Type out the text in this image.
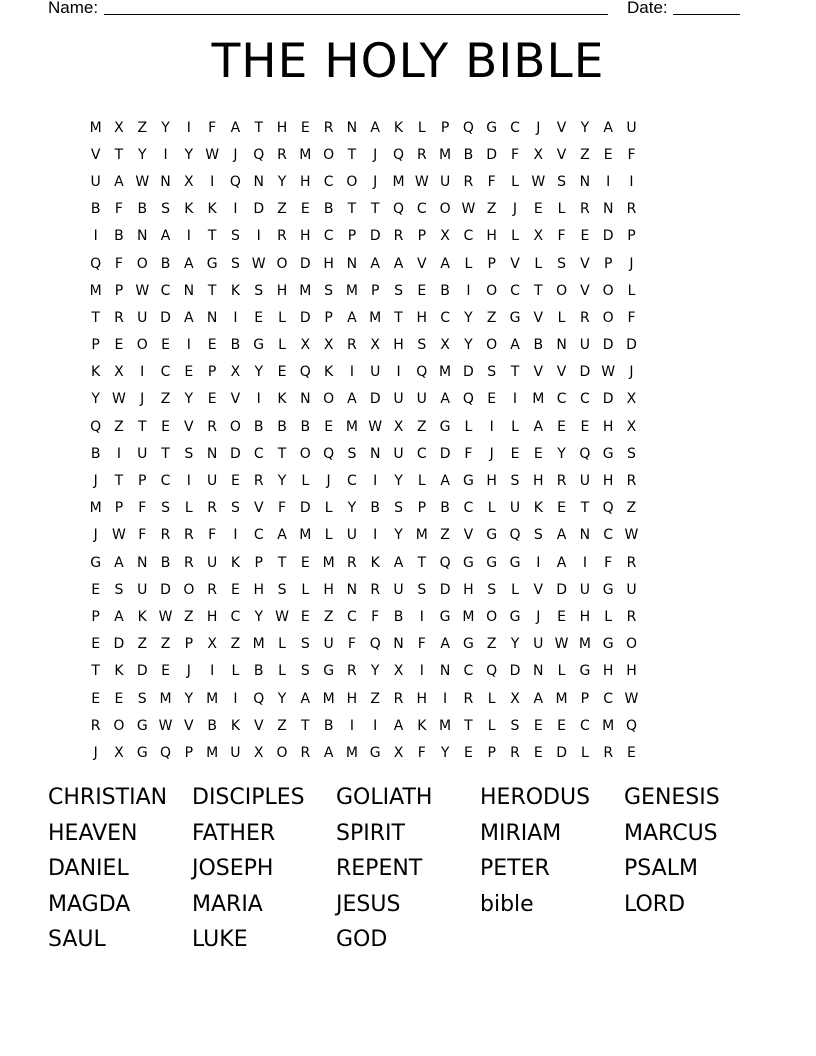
Name:	Date:
THE HOLY BIBLE
M X Z	Y	I	F	A	T H E	R N A K	L	P Q G C	J	V	Y	A U
V	T	Y	I	Y W	J	Q R M O T	J	Q R M B D F	X V Z	E	F
U A W N X	I	Q N Y H C O	J	M W U R	F	L W S N	I	I
B	F	B	S	K	K	I	D Z	E	B	T	T Q C O W Z	J	E	L	R N R
I	B N A	I	T	S	I	R H C	P D R	P	X C H	L	X	F	E D P
Q F O B A G S W O D H N A A V A	L	P	V	L	S	V	P	J
M P W C N T	K	S H M S M P	S	E	B	I	O C	T O V O L
T	R U D A N	I	E	L	D P	A M T H C	Y	Z G V	L	R O F
P	E O E	I	E	B G L	X X R X H S	X	Y O A B N U D D
K X	I	C E	P	X	Y	E Q K	I	U	I	Q M D S	T	V V D W	J
Y W	J	Z	Y	E	V	I	K N O A D U U A Q E	I	M C C D X
Q Z	T	E	V R O B B B	E M W X Z G L	I	L	A	E	E H X
B	I	U T	S N D C	T O Q S N U C D F	J	E	E	Y Q G S
J	T	P	C	I	U E	R	Y	L	J	C	I	Y	L	A G H S H R U H R
M P	F	S	L	R S	V	F D	L	Y	B	S	P	B C	L	U K	E	T Q Z
J	W F	R R	F	I	C A M L	U	I	Y M Z V G Q S	A N C W
G A N B R U K	P	T	E M R K A	T Q G G G	I	A	I	F	R
E	S U D O R	E H S	L	H N R U S D H S	L	V D U G U
P	A K W Z H C	Y W E	Z C	F	B	I	G M O G	J	E H	L	R
E D Z Z	P	X Z M L	S U	F Q N	F	A G Z	Y U W M G O
T	K D E	J	I	L	B	L	S G R	Y	X	I	N C Q D N	L G H H
E	E	S M Y M	I	Q Y	A M H Z R H	I	R	L	X A M P	C W
R O G W V B K V Z	T	B	I	I	A K M T	L	S	E	E C M Q
J	X G Q P M U X O R A M G X	F	Y	E	P	R	E D	L	R	E
CHRISTIAN	DISCIPLES	GOLIATH	HERODUS	GENESIS
HEAVEN	FATHER	SPIRIT	MIRIAM	MARCUS
DANIEL	JOSEPH	REPENT	PETER	PSALM
MAGDA	MARIA	JESUS	bible	LORD
SAUL	LUKE	GOD
